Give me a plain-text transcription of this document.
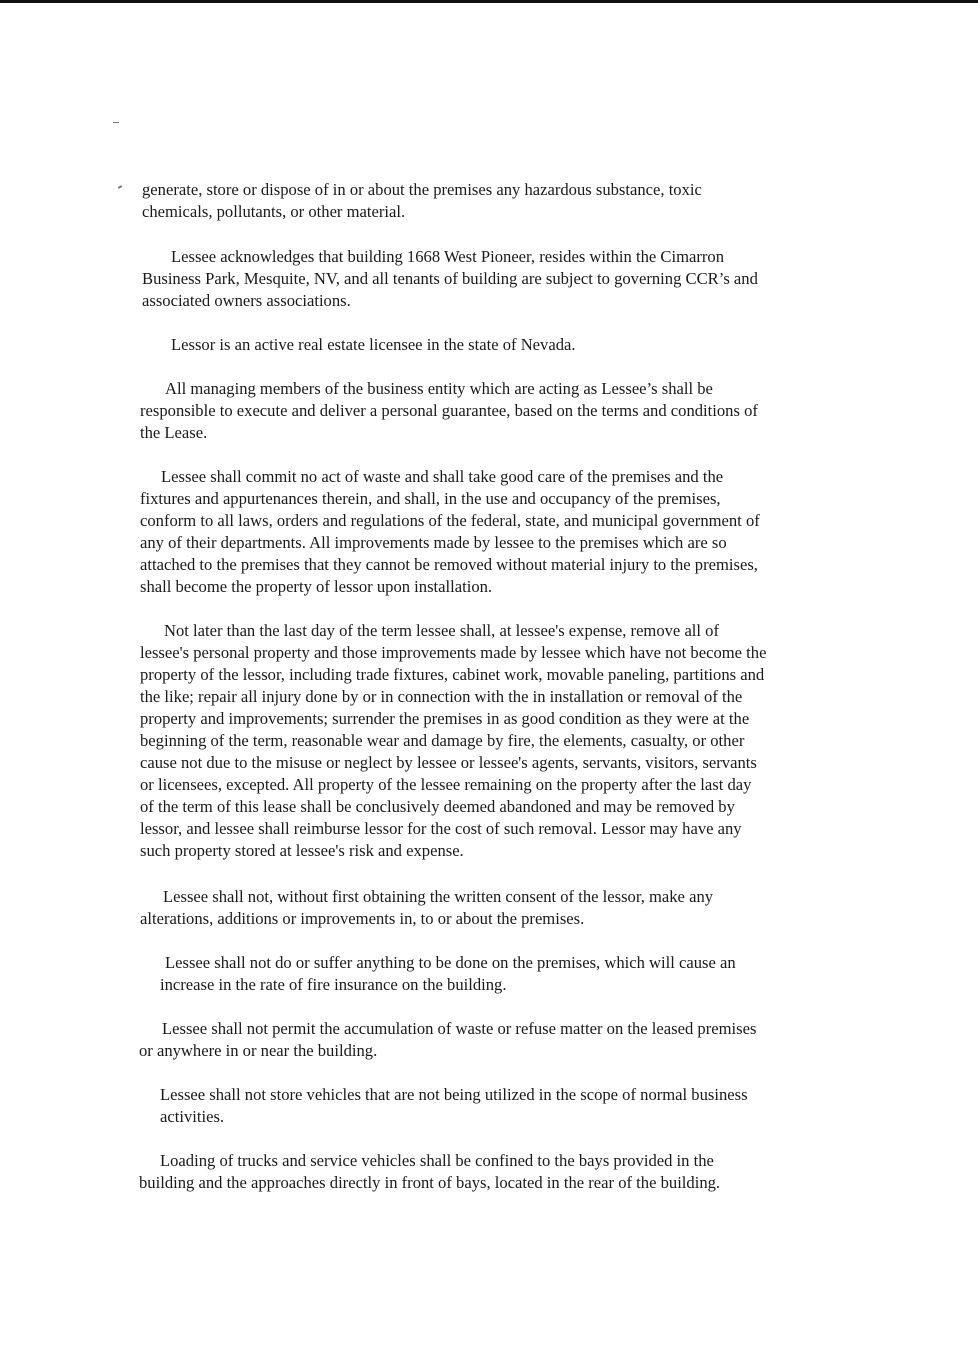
generate, store or dispose of in or about the premises any hazardous substance, toxic
chemicals, pollutants, or other material.

Lessee acknowledges that building 1668 West Pioneer, resides within the Cimarron
Business Park, Mesquite, NV, and all tenants of building are subject to governing CCR’s and
associated owners associations.

Lessor is an active real estate licensee in the state of Nevada.

All managing members of the business entity which are acting as Lessee’s shall be
responsible to execute and deliver a personal guarantee, based on the terms and conditions of
the Lease.

Lessee shall commit no act of waste and shall take good care of the premises and the
fixtures and appurtenances therein, and shall, in the use and occupancy of the premises,
conform to all laws, orders and regulations of the federal, state, and municipal government of
any of their departments. All improvements made by lessee to the premises which are so
attached to the premises that they cannot be removed without material injury to the premises,
shall become the property of lessor upon installation.

Not later than the last day of the term lessee shall, at lessee's expense, remove all of
lessee's personal property and those improvements made by lessee which have not become the
property of the lessor, including trade fixtures, cabinet work, movable paneling, partitions and
the like; repair all injury done by or in connection with the in installation or removal of the
property and improvements; surrender the premises in as good condition as they were at the
beginning of the term, reasonable wear and damage by fire, the elements, casualty, or other
cause not due to the misuse or neglect by lessee or lessee's agents, servants, visitors, servants
or licensees, excepted. All property of the lessee remaining on the property after the last day
of the term of this lease shall be conclusively deemed abandoned and may be removed by
lessor, and lessee shall reimburse lessor for the cost of such removal. Lessor may have any
such property stored at lessee's risk and expense.

Lessee shall not, without first obtaining the written consent of the lessor, make any
alterations, additions or improvements in, to or about the premises.

Lessee shall not do or suffer anything to be done on the premises, which will cause an
increase in the rate of fire insurance on the building.

Lessee shall not permit the accumulation of waste or refuse matter on the leased premises
or anywhere in or near the building.

Lessee shall not store vehicles that are not being utilized in the scope of normal business
activities.

Loading of trucks and service vehicles shall be confined to the bays provided in the
building and the approaches directly in front of bays, located in the rear of the building.
